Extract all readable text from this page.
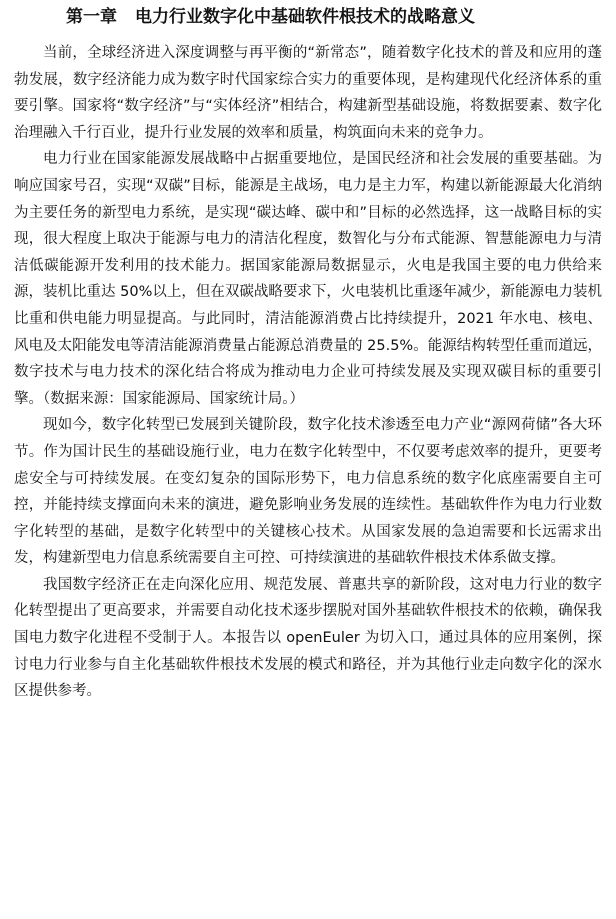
第一章 电力行业数字化中基础软件根技术的战略意义

当前，全球经济进入深度调整与再平衡的“新常态”，随着数字化技术的普及和应用的蓬勃发展，数字经济能力成为数字时代国家综合实力的重要体现，是构建现代化经济体系的重要引擎。国家将“数字经济”与“实体经济”相结合，构建新型基础设施，将数据要素、数字化治理融入千行百业，提升行业发展的效率和质量，构筑面向未来的竞争力。

电力行业在国家能源发展战略中占据重要地位，是国民经济和社会发展的重要基础。为响应国家号召，实现“双碳”目标，能源是主战场，电力是主力军，构建以新能源最大化消纳为主要任务的新型电力系统，是实现“碳达峰、碳中和”目标的必然选择，这一战略目标的实现，很大程度上取决于能源与电力的清洁化程度，数智化与分布式能源、智慧能源电力与清洁低碳能源开发利用的技术能力。据国家能源局数据显示，火电是我国主要的电力供给来源，装机比重达 50%以上，但在双碳战略要求下，火电装机比重逐年减少，新能源电力装机比重和供电能力明显提高。与此同时，清洁能源消费占比持续提升，2021 年水电、核电、风电及太阳能发电等清洁能源消费量占能源总消费量的 25.5%。能源结构转型任重而道远，数字技术与电力技术的深化结合将成为推动电力企业可持续发展及实现双碳目标的重要引擎。（数据来源：国家能源局、国家统计局。）

现如今，数字化转型已发展到关键阶段，数字化技术渗透至电力产业“源网荷储”各大环节。作为国计民生的基础设施行业，电力在数字化转型中，不仅要考虑效率的提升，更要考虑安全与可持续发展。在变幻复杂的国际形势下，电力信息系统的数字化底座需要自主可控，并能持续支撑面向未来的演进，避免影响业务发展的连续性。基础软件作为电力行业数字化转型的基础，是数字化转型中的关键核心技术。从国家发展的急迫需要和长远需求出发，构建新型电力信息系统需要自主可控、可持续演进的基础软件根技术体系做支撑。

我国数字经济正在走向深化应用、规范发展、普惠共享的新阶段，这对电力行业的数字化转型提出了更高要求，并需要自动化技术逐步摆脱对国外基础软件根技术的依赖，确保我国电力数字化进程不受制于人。本报告以 openEuler 为切入口，通过具体的应用案例，探讨电力行业参与自主化基础软件根技术发展的模式和路径，并为其他行业走向数字化的深水区提供参考。
